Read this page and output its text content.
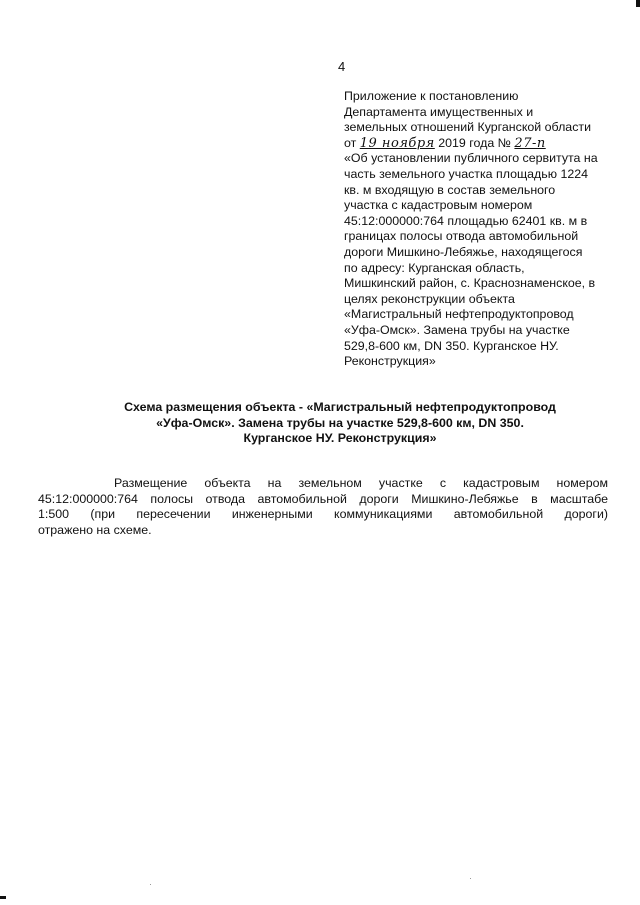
4
Приложение к постановлению
Департамента имущественных и
земельных отношений Курганской области
от 19 ноября 2019 года № 27-п
«Об установлении публичного сервитута на
часть земельного участка площадью 1224
кв. м входящую в состав земельного
участка с кадастровым номером
45:12:000000:764 площадью 62401 кв. м в
границах полосы отвода автомобильной
дороги Мишкино-Лебяжье, находящегося
по адресу: Курганская область,
Мишкинский район, с. Краснознаменское, в
целях реконструкции объекта
«Магистральный нефтепродуктопровод
«Уфа-Омск». Замена трубы на участке
529,8-600 км, DN 350. Курганское НУ.
Реконструкция»
Схема размещения объекта - «Магистральный нефтепродуктопровод
«Уфа-Омск». Замена трубы на участке 529,8-600 км, DN 350.
Курганское НУ. Реконструкция»
Размещение объекта на земельном участке с кадастровым номером
45:12:000000:764 полосы отвода автомобильной дороги Мишкино-Лебяжье в масштабе
1:500 (при пересечении инженерными коммуникациями автомобильной дороги)
отражено на схеме.
